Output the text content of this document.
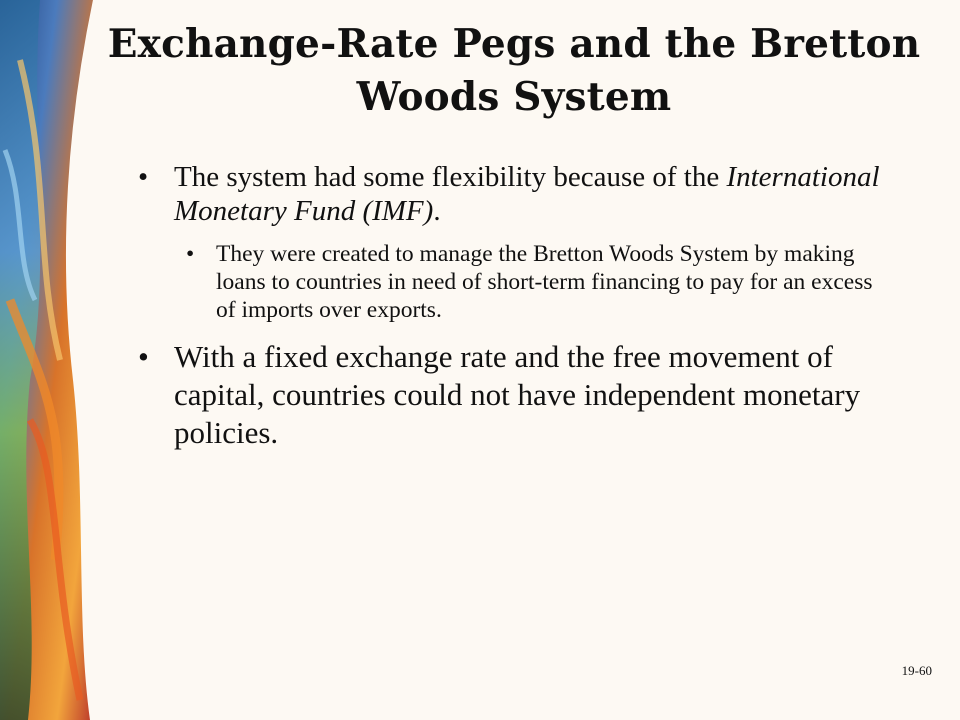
Exchange-Rate Pegs and the Bretton
Woods System
• The system had some flexibility because of the International Monetary Fund (IMF).
• They were created to manage the Bretton Woods System by making loans to countries in need of short-term financing to pay for an excess of imports over exports.
• With a fixed exchange rate and the free movement of capital, countries could not have independent monetary policies.
19-60
